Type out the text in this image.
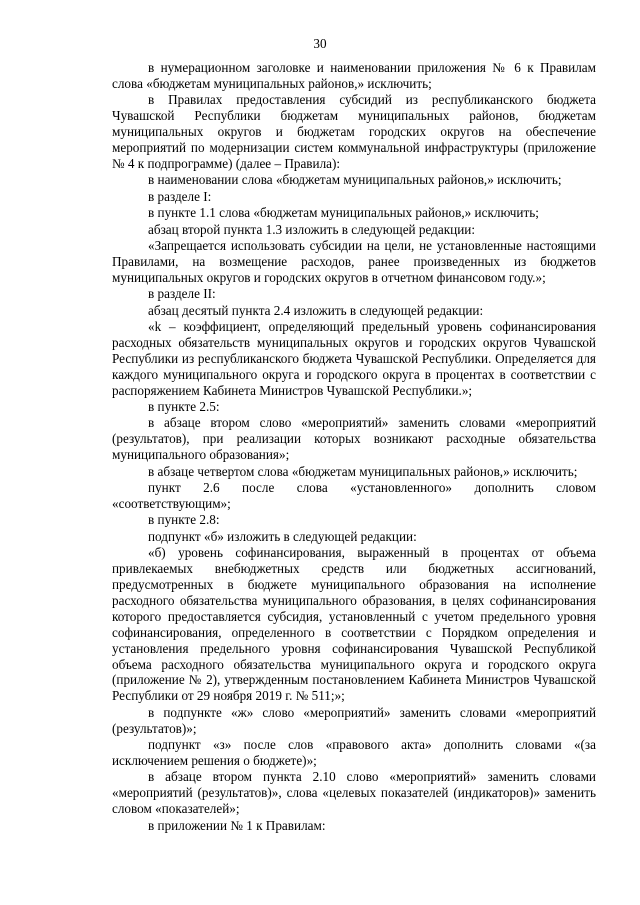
30

в нумерационном заголовке и наименовании приложения № 6 к Правилам слова «бюджетам муниципальных районов,» исключить;

в Правилах предоставления субсидий из республиканского бюджета Чувашской Республики бюджетам муниципальных районов, бюджетам муниципальных округов и бюджетам городских округов на обеспечение мероприятий по модернизации систем коммунальной инфраструктуры (приложение № 4 к подпрограмме) (далее – Правила):

в наименовании слова «бюджетам муниципальных районов,» исключить;

в разделе I:

в пункте 1.1 слова «бюджетам муниципальных районов,» исключить;

абзац второй пункта 1.3 изложить в следующей редакции:

«Запрещается использовать субсидии на цели, не установленные настоящими Правилами, на возмещение расходов, ранее произведенных из бюджетов муниципальных округов и городских округов в отчетном финансовом году.»;

в разделе II:

абзац десятый пункта 2.4 изложить в следующей редакции:

«k – коэффициент, определяющий предельный уровень софинансирования расходных обязательств муниципальных округов и городских округов Чувашской Республики из республиканского бюджета Чувашской Республики. Определяется для каждого муниципального округа и городского округа в процентах в соответствии с распоряжением Кабинета Министров Чувашской Республики.»;

в пункте 2.5:

в абзаце втором слово «мероприятий» заменить словами «мероприятий (результатов), при реализации которых возникают расходные обязательства муниципального образования»;

в абзаце четвертом слова «бюджетам муниципальных районов,» исключить;

пункт 2.6 после слова «установленного» дополнить словом «соответствующим»;

в пункте 2.8:

подпункт «б» изложить в следующей редакции:

«б) уровень софинансирования, выраженный в процентах от объема привлекаемых внебюджетных средств или бюджетных ассигнований, предусмотренных в бюджете муниципального образования на исполнение расходного обязательства муниципального образования, в целях софинансирования которого предоставляется субсидия, установленный с учетом предельного уровня софинансирования, определенного в соответствии с Порядком определения и установления предельного уровня софинансирования Чувашской Республикой объема расходного обязательства муниципального округа и городского округа (приложение № 2), утвержденным постановлением Кабинета Министров Чувашской Республики от 29 ноября 2019 г. № 511;»;

в подпункте «ж» слово «мероприятий» заменить словами «мероприятий (результатов)»;

подпункт «з» после слов «правового акта» дополнить словами «(за исключением решения о бюджете)»;

в абзаце втором пункта 2.10 слово «мероприятий» заменить словами «мероприятий (результатов)», слова «целевых показателей (индикаторов)» заменить словом «показателей»;

в приложении № 1 к Правилам:
